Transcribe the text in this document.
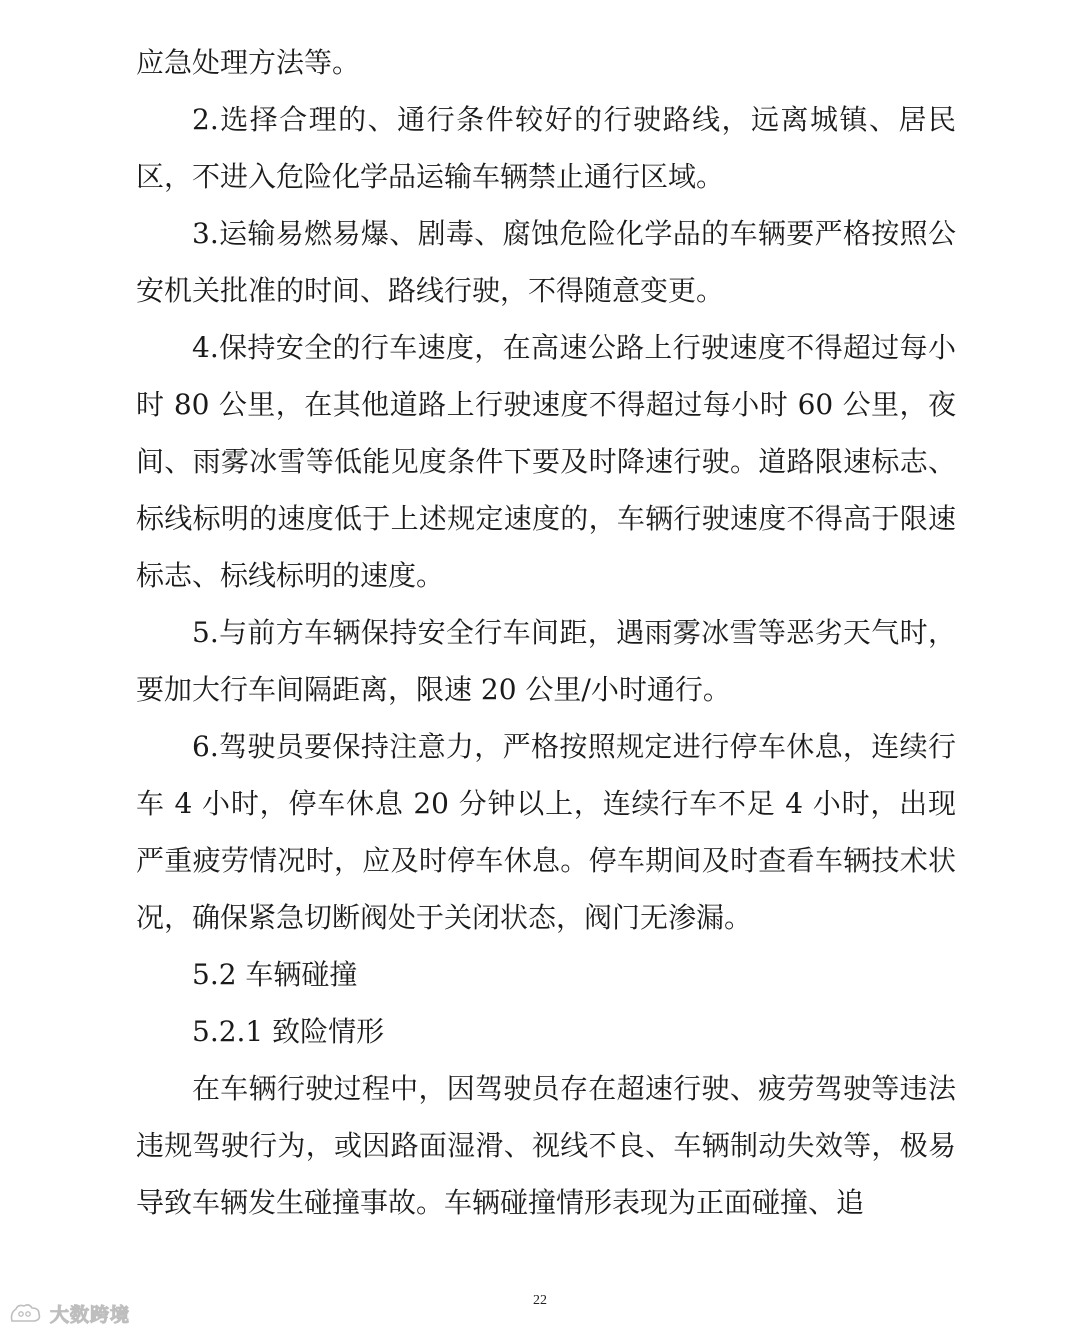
应急处理方法等。

2.选择合理的、通行条件较好的行驶路线，远离城镇、居民区，不进入危险化学品运输车辆禁止通行区域。

3.运输易燃易爆、剧毒、腐蚀危险化学品的车辆要严格按照公安机关批准的时间、路线行驶，不得随意变更。

4.保持安全的行车速度，在高速公路上行驶速度不得超过每小时 80 公里，在其他道路上行驶速度不得超过每小时 60 公里，夜间、雨雾冰雪等低能见度条件下要及时降速行驶。道路限速标志、标线标明的速度低于上述规定速度的，车辆行驶速度不得高于限速标志、标线标明的速度。

5.与前方车辆保持安全行车间距，遇雨雾冰雪等恶劣天气时，要加大行车间隔距离，限速 20 公里/小时通行。

6.驾驶员要保持注意力，严格按照规定进行停车休息，连续行车 4 小时，停车休息 20 分钟以上，连续行车不足 4 小时，出现严重疲劳情况时，应及时停车休息。停车期间及时查看车辆技术状况，确保紧急切断阀处于关闭状态，阀门无渗漏。

5.2 车辆碰撞

5.2.1 致险情形

在车辆行驶过程中，因驾驶员存在超速行驶、疲劳驾驶等违法违规驾驶行为，或因路面湿滑、视线不良、车辆制动失效等，极易导致车辆发生碰撞事故。车辆碰撞情形表现为正面碰撞、追

22
大数跨境
